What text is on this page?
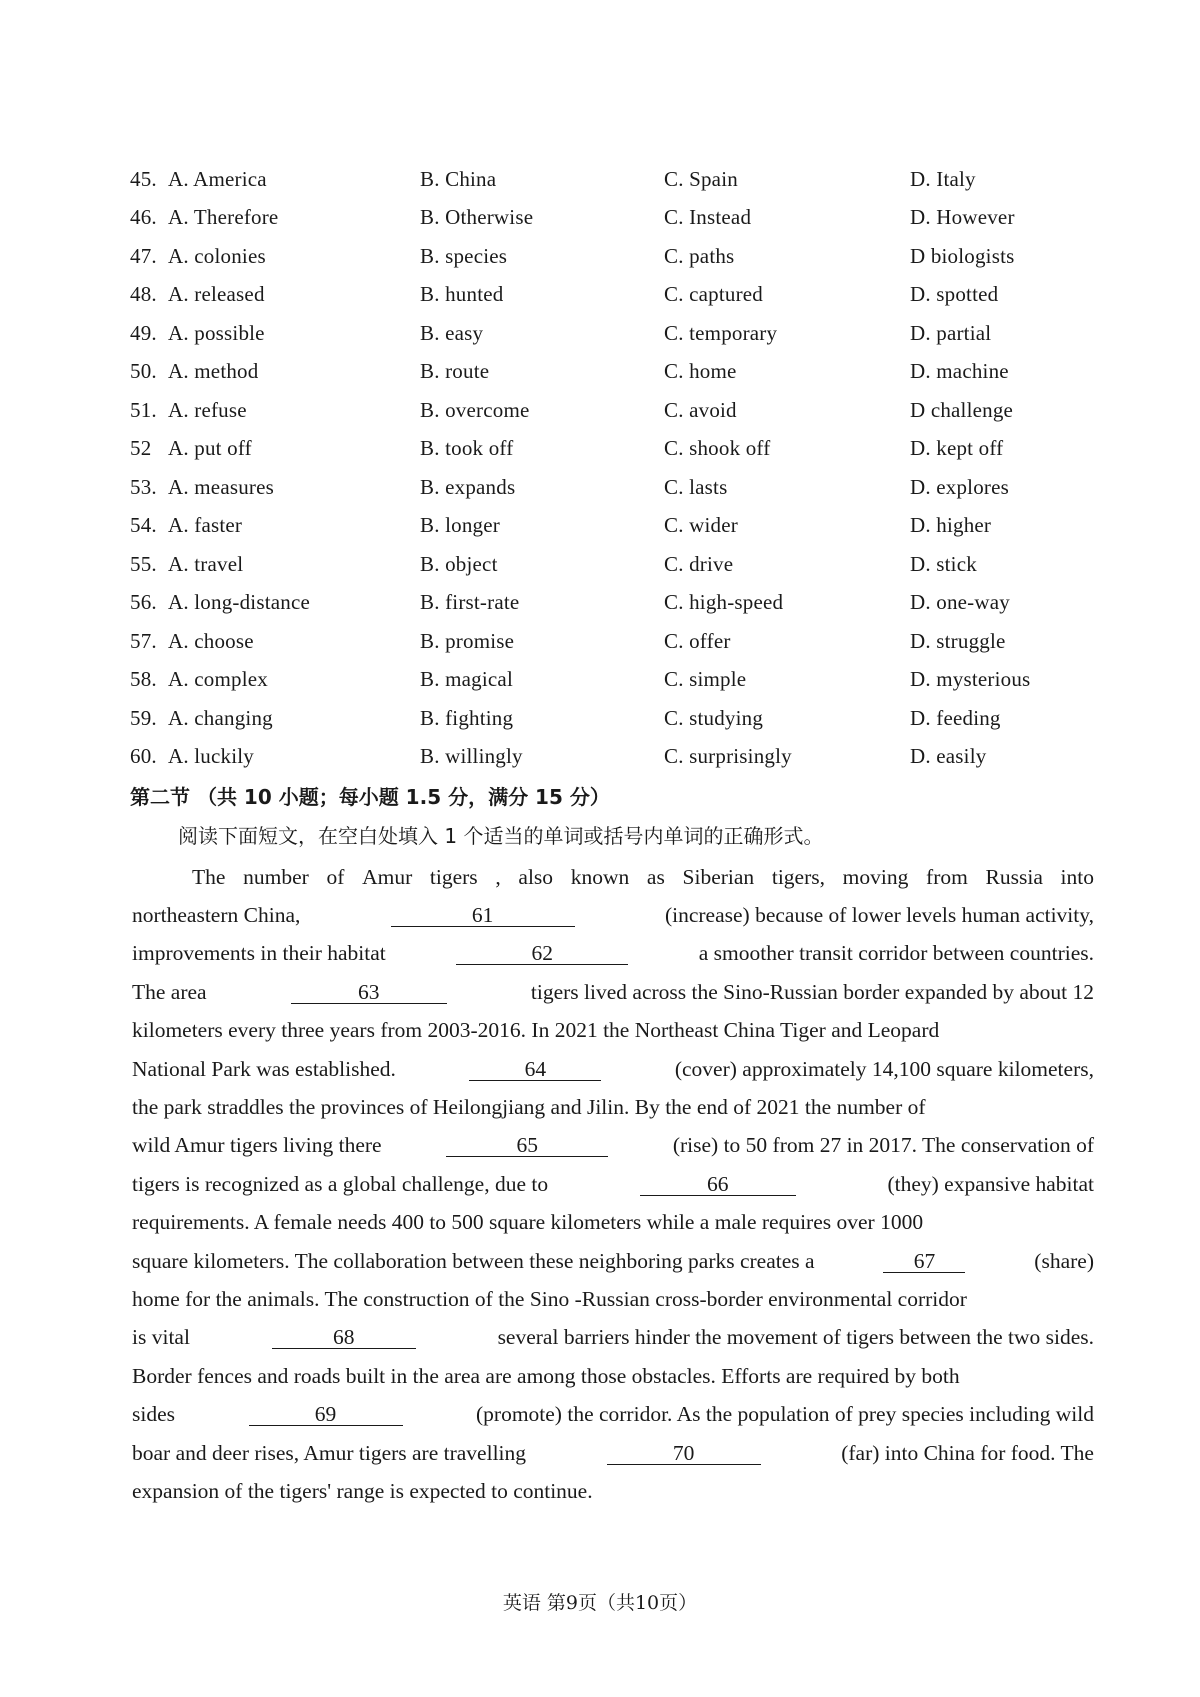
45. A. America	B. China	C. Spain	D. Italy
46. A. Therefore	B. Otherwise	C. Instead	D. However
47. A. colonies	B. species	C. paths	D biologists
48. A. released	B. hunted	C. captured	D. spotted
49. A. possible	B. easy	C. temporary	D. partial
50. A. method	B. route	C. home	D. machine
51. A. refuse	B. overcome	C. avoid	D challenge
52 A. put off	B. took off	C. shook off	D. kept off
53. A. measures	B. expands	C. lasts	D. explores
54. A. faster	B. longer	C. wider	D. higher
55. A. travel	B. object	C. drive	D. stick
56. A. long-distance	B. first-rate	C. high-speed	D. one-way
57. A. choose	B. promise	C. offer	D. struggle
58. A. complex	B. magical	C. simple	D. mysterious
59. A. changing	B. fighting	C. studying	D. feeding
60. A. luckily	B. willingly	C. surprisingly	D. easily
第二节 （共 10 小题；每小题 1.5 分，满分 15 分）
阅读下面短文，在空白处填入 1 个适当的单词或括号内单词的正确形式。
The number of Amur tigers , also known as Siberian tigers, moving from Russia into
northeastern China,	61	(increase) because of lower levels human activity,
improvements in their habitat	62	a smoother transit corridor between countries.
The area	63	tigers lived across the Sino-Russian border expanded by about 12
kilometers every three years from 2003-2016. In 2021 the Northeast China Tiger and Leopard
National Park was established.	64	(cover) approximately 14,100 square kilometers,
the park straddles the provinces of Heilongjiang and Jilin. By the end of 2021 the number of
wild Amur tigers living there	65	(rise) to 50 from 27 in 2017. The conservation of
tigers is recognized as a global challenge, due to	66	(they) expansive habitat
requirements. A female needs 400 to 500 square kilometers while a male requires over 1000
square kilometers. The collaboration between these neighboring parks creates a	67	(share)
home for the animals. The construction of the Sino -Russian cross-border environmental corridor
is vital	68	several barriers hinder the movement of tigers between the two sides.
Border fences and roads built in the area are among those obstacles. Efforts are required by both
sides	69	(promote) the corridor. As the population of prey species including wild
boar and deer rises, Amur tigers are travelling	70	(far) into China for food. The
expansion of the tigers' range is expected to continue.
英语 第9页（共10页）
